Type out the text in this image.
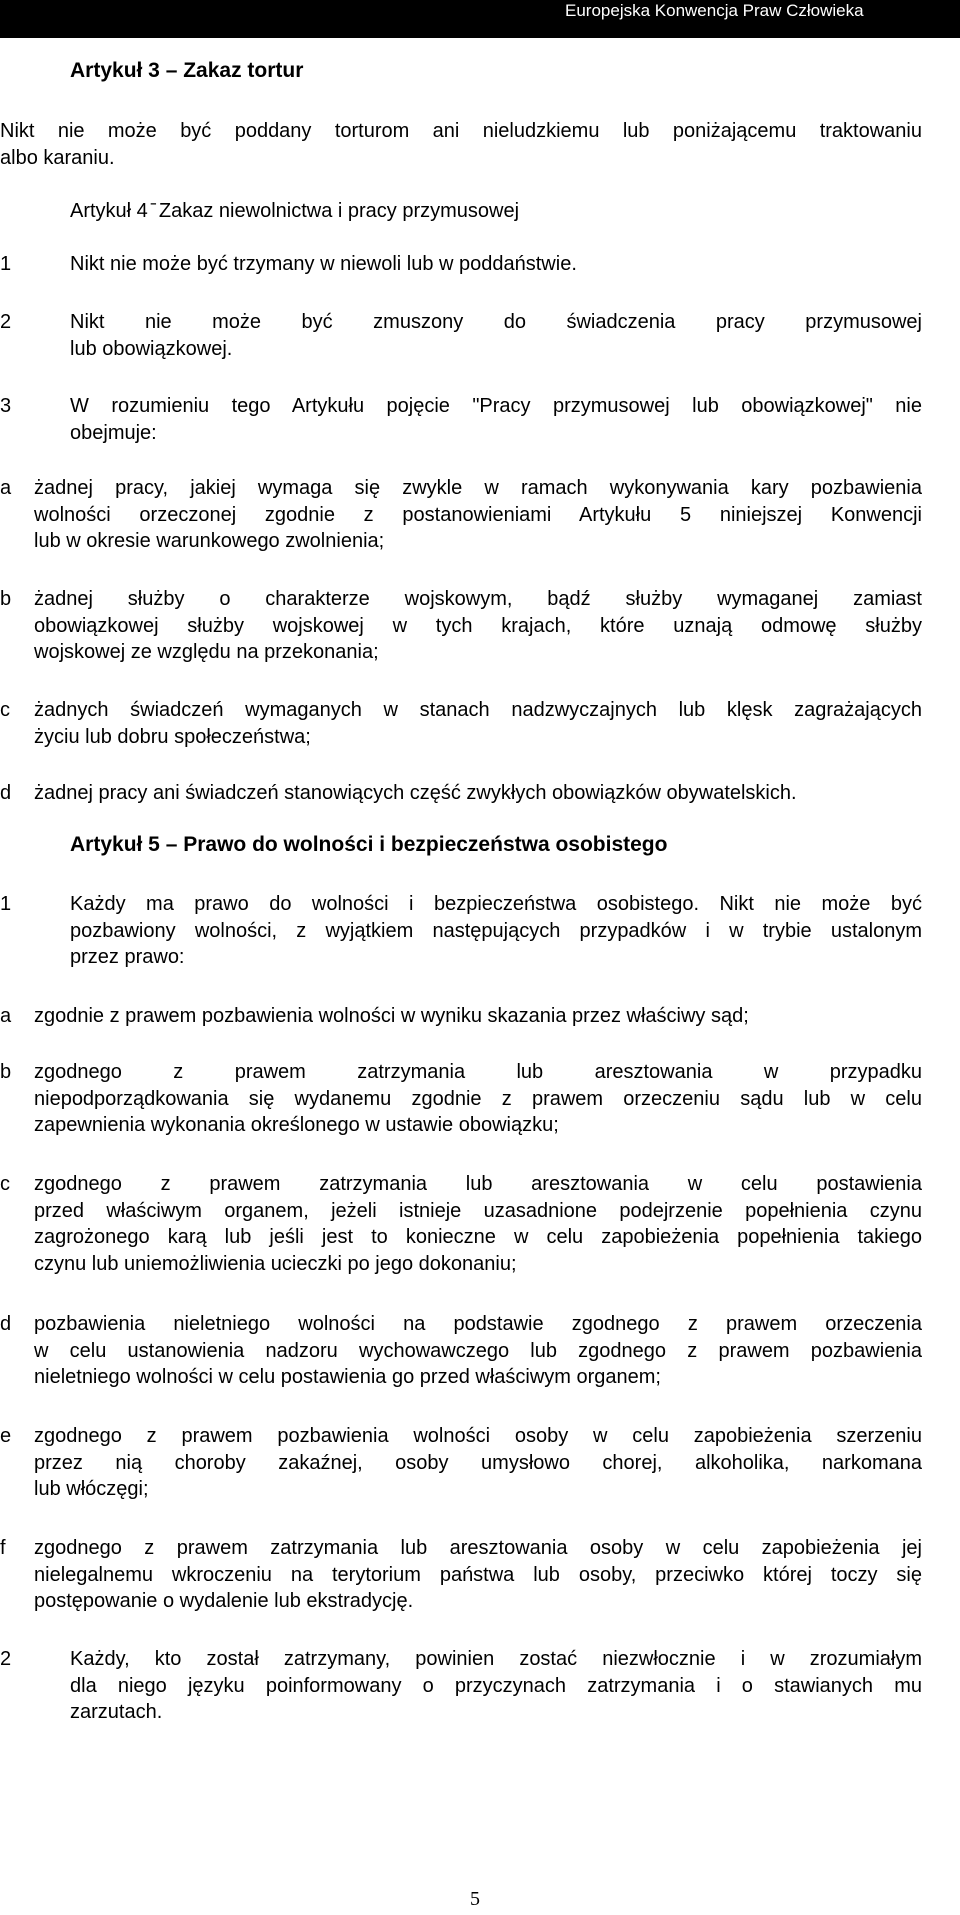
Europejska Konwencja Praw Człowieka
Artykuł 3 – Zakaz tortur
Nikt nie może być poddany torturom ani nieludzkiemu lub poniżającemu traktowaniu
albo karaniu.
Artykuł 4 ̄ Zakaz niewolnictwa i pracy przymusowej
1	Nikt nie może być trzymany w niewoli lub w poddaństwie.
2	Nikt nie może być zmuszony do świadczenia pracy przymusowej
lub obowiązkowej.
3	W rozumieniu tego Artykułu pojęcie "Pracy przymusowej lub obowiązkowej" nie
obejmuje:
a żadnej pracy, jakiej wymaga się zwykle w ramach wykonywania kary pozbawienia
wolności orzeczonej zgodnie z postanowieniami Artykułu 5 niniejszej Konwencji
lub w okresie warunkowego zwolnienia;
b żadnej służby o charakterze wojskowym, bądź służby wymaganej zamiast
obowiązkowej służby wojskowej w tych krajach, które uznają odmowę służby
wojskowej ze względu na przekonania;
c żadnych świadczeń wymaganych w stanach nadzwyczajnych lub klęsk zagrażających
życiu lub dobru społeczeństwa;
d żadnej pracy ani świadczeń stanowiących część zwykłych obowiązków obywatelskich.
Artykuł 5 – Prawo do wolności i bezpieczeństwa osobistego
1	Każdy ma prawo do wolności i bezpieczeństwa osobistego. Nikt nie może być
pozbawiony wolności, z wyjątkiem następujących przypadków i w trybie ustalonym
przez prawo:
a zgodnie z prawem pozbawienia wolności w wyniku skazania przez właściwy sąd;
b zgodnego z prawem zatrzymania lub aresztowania w przypadku
niepodporządkowania się wydanemu zgodnie z prawem orzeczeniu sądu lub w celu
zapewnienia wykonania określonego w ustawie obowiązku;
c zgodnego z prawem zatrzymania lub aresztowania w celu postawienia
przed właściwym organem, jeżeli istnieje uzasadnione podejrzenie popełnienia czynu
zagrożonego karą lub jeśli jest to konieczne w celu zapobieżenia popełnienia takiego
czynu lub uniemożliwienia ucieczki po jego dokonaniu;
d pozbawienia nieletniego wolności na podstawie zgodnego z prawem orzeczenia
w celu ustanowienia nadzoru wychowawczego lub zgodnego z prawem pozbawienia
nieletniego wolności w celu postawienia go przed właściwym organem;
e zgodnego z prawem pozbawienia wolności osoby w celu zapobieżenia szerzeniu
przez nią choroby zakaźnej, osoby umysłowo chorej, alkoholika, narkomana
lub włóczęgi;
f zgodnego z prawem zatrzymania lub aresztowania osoby w celu zapobieżenia jej
nielegalnemu wkroczeniu na terytorium państwa lub osoby, przeciwko której toczy się
postępowanie o wydalenie lub ekstradycję.
2	Każdy, kto został zatrzymany, powinien zostać niezwłocznie i w zrozumiałym
dla niego języku poinformowany o przyczynach zatrzymania i o stawianych mu
zarzutach.
5
